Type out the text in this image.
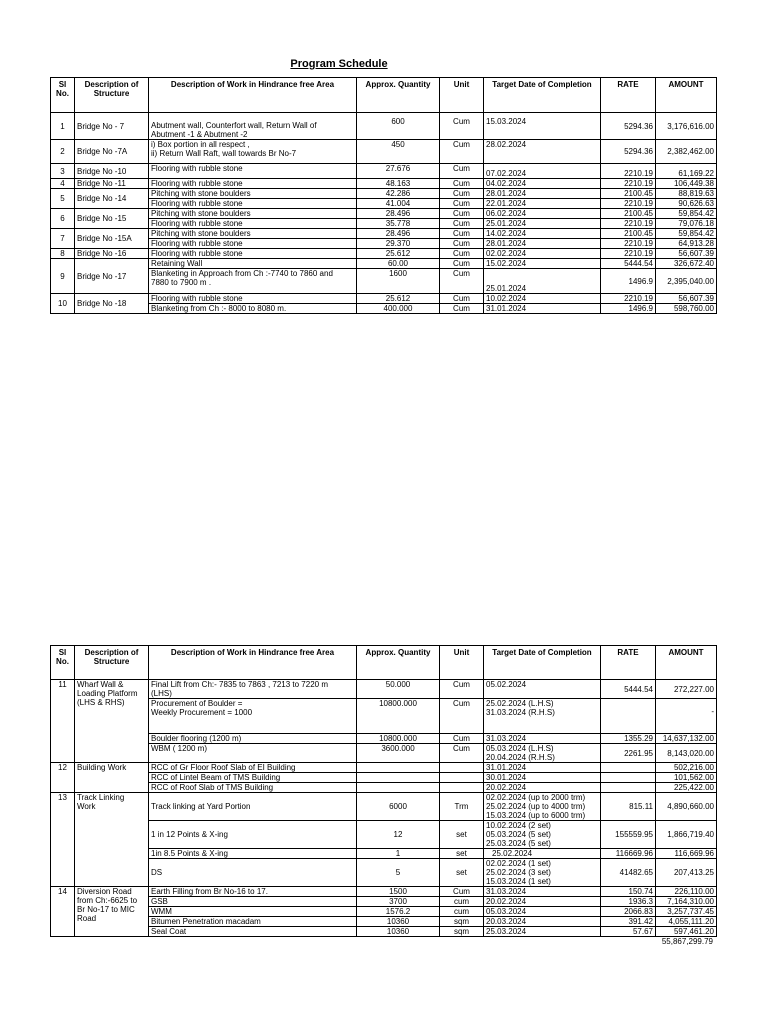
Program Schedule
Sl
No.	Description of
Structure	Description of Work in Hindrance free Area	Approx. Quantity	Unit	Target Date of Completion	RATE	AMOUNT
1	Bridge No - 7	Abutment wall, Counterfort wall, Return Wall of
Abutment -1 & Abutment -2	600	Cum	15.03.2024	5294.36	3,176,616.00
2	Bridge No -7A	i) Box portion in all respect ,
ii) Return Wall Raft, wall towards Br No-7	450	Cum	28.02.2024	5294.36	2,382,462.00
3	Bridge No -10	Flooring with rubble stone	27.676	Cum	07.02.2024	2210.19	61,169.22
4	Bridge No -11	Flooring with rubble stone	48.163	Cum	04.02.2024	2210.19	106,449.38
5	Bridge No -14	Pitching with stone boulders	42.286	Cum	28.01.2024	2100.45	88,819.63
		Flooring with rubble stone	41.004	Cum	22.01.2024	2210.19	90,626.63
6	Bridge No -15	Pitching with stone boulders	28.496	Cum	06.02.2024	2100.45	59,854.42
		Flooring with rubble stone	35.778	Cum	25.01.2024	2210.19	79,076.18
7	Bridge No -15A	Pitching with stone boulders	28.496	Cum	14.02.2024	2100.45	59,854.42
		Flooring with rubble stone	29.370	Cum	28.01.2024	2210.19	64,913.28
8	Bridge No -16	Flooring with rubble stone	25.612	Cum	02.02.2024	2210.19	56,607.39
9	Bridge No -17	Retaining Wall	60.00	Cum	15.02.2024	5444.54	326,672.40
		Blanketing in Approach from Ch :-7740 to 7860 and
7880 to 7900 m .	1600	Cum	25.01.2024	1496.9	2,395,040.00
10	Bridge No -18	Flooring with rubble stone	25.612	Cum	10.02.2024	2210.19	56,607.39
		Blanketing from Ch :- 8000 to 8080 m.	400.000	Cum	31.01.2024	1496.9	598,760.00
Sl
No.	Description of
Structure	Description of Work in Hindrance free Area	Approx. Quantity	Unit	Target Date of Completion	RATE	AMOUNT
11	Wharf Wall &
Loading Platform
(LHS & RHS)	Final Lift from Ch:- 7835 to 7863 , 7213 to 7220 m
(LHS)	50.000	Cum	05.02.2024	5444.54	272,227.00
		Procurement of Boulder =
Weekly Procurement = 1000	10800.000	Cum	25.02.2024 (L.H.S)
31.03.2024 (R.H.S)		-
		Boulder flooring (1200 m)	10800.000	Cum	31.03.2024	1355.29	14,637,132.00
		WBM ( 1200 m)	3600.000	Cum	05.03.2024 (L.H.S)
20.04.2024 (R.H.S)	2261.95	8,143,020.00
12	Building Work	RCC of Gr Floor Roof Slab of EI Building			31.01.2024		502,216.00
		RCC of Lintel Beam of TMS Building			30.01.2024		101,562.00
		RCC of Roof Slab of TMS Building			20.02.2024		225,422.00
13	Track Linking
Work	Track linking at Yard Portion	6000	Trm	02.02.2024 (up to 2000 trm)
25.02.2024 (up to 4000 trm)
15.03.2024 (up to 6000 trm)	815.11	4,890,660.00
		1 in 12 Points & X-ing	12	set	10.02.2024 (2 set)
05.03.2024 (5 set)
25.03.2024 (5 set)	155559.95	1,866,719.40
		1in 8.5 Points & X-ing	1	set	25.02.2024	116669.96	116,669.96
		DS	5	set	02.02.2024 (1 set)
25.02.2024 (3 set)
15.03.2024 (1 set)	41482.65	207,413.25
14	Diversion Road
from Ch:-6625 to
Br No-17 to MIC
Road	Earth Filling from Br No-16 to 17.	1500	Cum	31.03.2024	150.74	226,110.00
		GSB	3700	cum	20.02.2024	1936.3	7,164,310.00
		WMM	1576.2	cum	05.03.2024	2066.83	3,257,737.45
		Bitumen Penetration macadam	10360	sqm	20.03.2024	391.42	4,055,111.20
		Seal Coat	10360	sqm	25.03.2024	57.67	597,461.20
55,867,299.79
